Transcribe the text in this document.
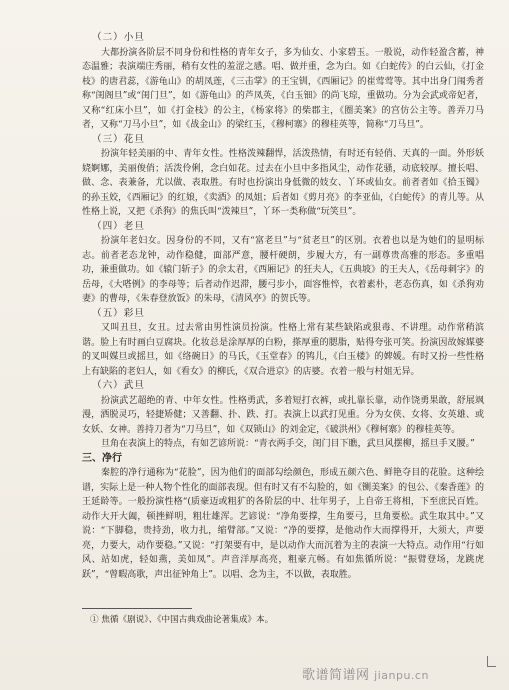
（二）小旦

大都扮演各阶层不同身份和性格的青年女子，多为仙女、小家碧玉。一般说，动作轻盈含蓄，神态温雅；表演端庄秀丽，稍有女性的羞涩之感。唱、做并重，念为白。如《白蛇传》的白云仙，《打金枝》的唐君蕊，《游龟山》的胡凤莲，《三击掌》的王宝钏，《西厢记》的崔莺莺等。其中出身门闱秀者称“闺阁旦”或“闺门旦”，如《游龟山》的芦凤英，《白玉钿》的尚飞琼，重做功。分为会武或帝妃者，又称“红床小旦”，如《打金枝》的公主，《杨家将》的柴郡主，《圈美案》的宫仿公主等。善弄刀马者，又称“刀马小旦”，如《战金山》的梁红玉，《穆柯寨》的穆桂英等，简称“刀马旦”。

（三）花旦

扮演年轻美丽的中、青年女性。性格泼辣翻悍，活泼热情，有时还有轻俏、天真的一面。外形妖娆婀娜，美丽俊俏；活泼伶俐，念白如花。过去在小旦中多指风尘，动作花骚，动底较厚。擅长唱、做、念、表兼备，尤以做、表取胜。有时也扮演出身低微的妓女、丫环或仙女。前者者如《拾玉镯》的孙玉姣，《西厢记》的红娘，《卖酒》的凤姐；后者如《剪月亮》的李亚仙，《白蛇传》的青儿等。从性格上说，又把《杀狗》的焦氏叫“泼辣旦”，丫环一类称做“玩笑旦”。

（四）老旦

扮演年老妇女。因身份的不同，又有“富老旦”与“贫老旦”的区别。衣着也以是为她们的显明标志。前者老态龙钟，动作稳健，面部严意，腰杆硬朗，步履大方，有一副尊贵高雅的形态。多重唱功，兼重做功。如《辕门斩子》的佘太君，《西厢记》的狂夫人，《五典坡》的王夫人，《岳母刺字》的岳母，《大嗒例》的李母等；后者动作迟滞，腰弓步小，面容惟悴，衣着素朴，老态伤真，如《杀狗劝妻》的曹母，《朱春登放饭》的朱母，《清风亭》的贺氏等。

（五）彩旦

又叫丑旦，女丑。过去常由男性演员扮演。性格上常有某些缺陷或狠毒、不讲理。动作常稍滨谐。脸上有时画白豆腐块。化妆总是涂厚厚的白粉，搽厚重的腮脂，贴得夸张可笑。扮演因故嫁媒婆的叉叫媒旦或摇旦，如《络碗日》的马氏，《玉堂春》的鸨儿，《白玉楼》的婢媛。有时又扮一些性格上有缺陷的老妇人，如《看女》的柳氏，《双合进京》的店婆。衣着一般与村姐无异。

（六）武旦

扮演武艺超绝的青、中年女性。性格勇武，多着短打衣裤，或扎靠长靠，动作饶勇果敢，舒展飒漫，洒脱灵巧，轻捷矫健；又善翻、扑、跌、打。表演上以武打见重。分为女侠、女将、女英雄、或女妖、女神。善持刀者为“刀马旦”，如《双锁山》的刘金定，《破洪州》《穆柯寨》的穆桂英等。

旦角在表演上的特点，有如艺谚所说：“青衣两手交，闺门目下瞧，武旦风摆柳，摇旦手叉腰。”

三、净行

秦腔的净行通称为“花脸”，因为他们的面部勾绘颜色，形成五颜六色、鲜艳夺目的花脸。这种绘谱，实际上是一种人物个性化的面部表现。但有时又有不勾脸的，如《铡美案》的包公、《秦香莲》的王延龄等。一般扮演性格“(质豪迈或粗犷的各阶层的中、壮年男子，上自帝王将相，下至庶民百姓。动作大开大阖，顿挫鲜明，粗壮雄浑。艺谚说：“净角要撑，生角要弓，旦角要松。武生取其中。”又说：“下脚稳，贵持劲，收力扎，缩臂部。”又说：“净的要撑，是他动作大而撑得开，大须大，声要亮，力要大，动作要稳。”又说：“打架要有中，是以动作大而沉着为主的表演一大特点。动作用“行如风、站如虎，轻如燕，美如凤”。声音洋厚高亮，粗豪亢畅。有如焦循所说：“振臂登场，龙跳虎跃”，“曾暇高歌，声出征钟角上”。以唱、念为主，不以做，表取胜。

① 焦循《剧说》、《中国古典戏曲论著集成》本。
歌谱简谱网 jianpu.cn
